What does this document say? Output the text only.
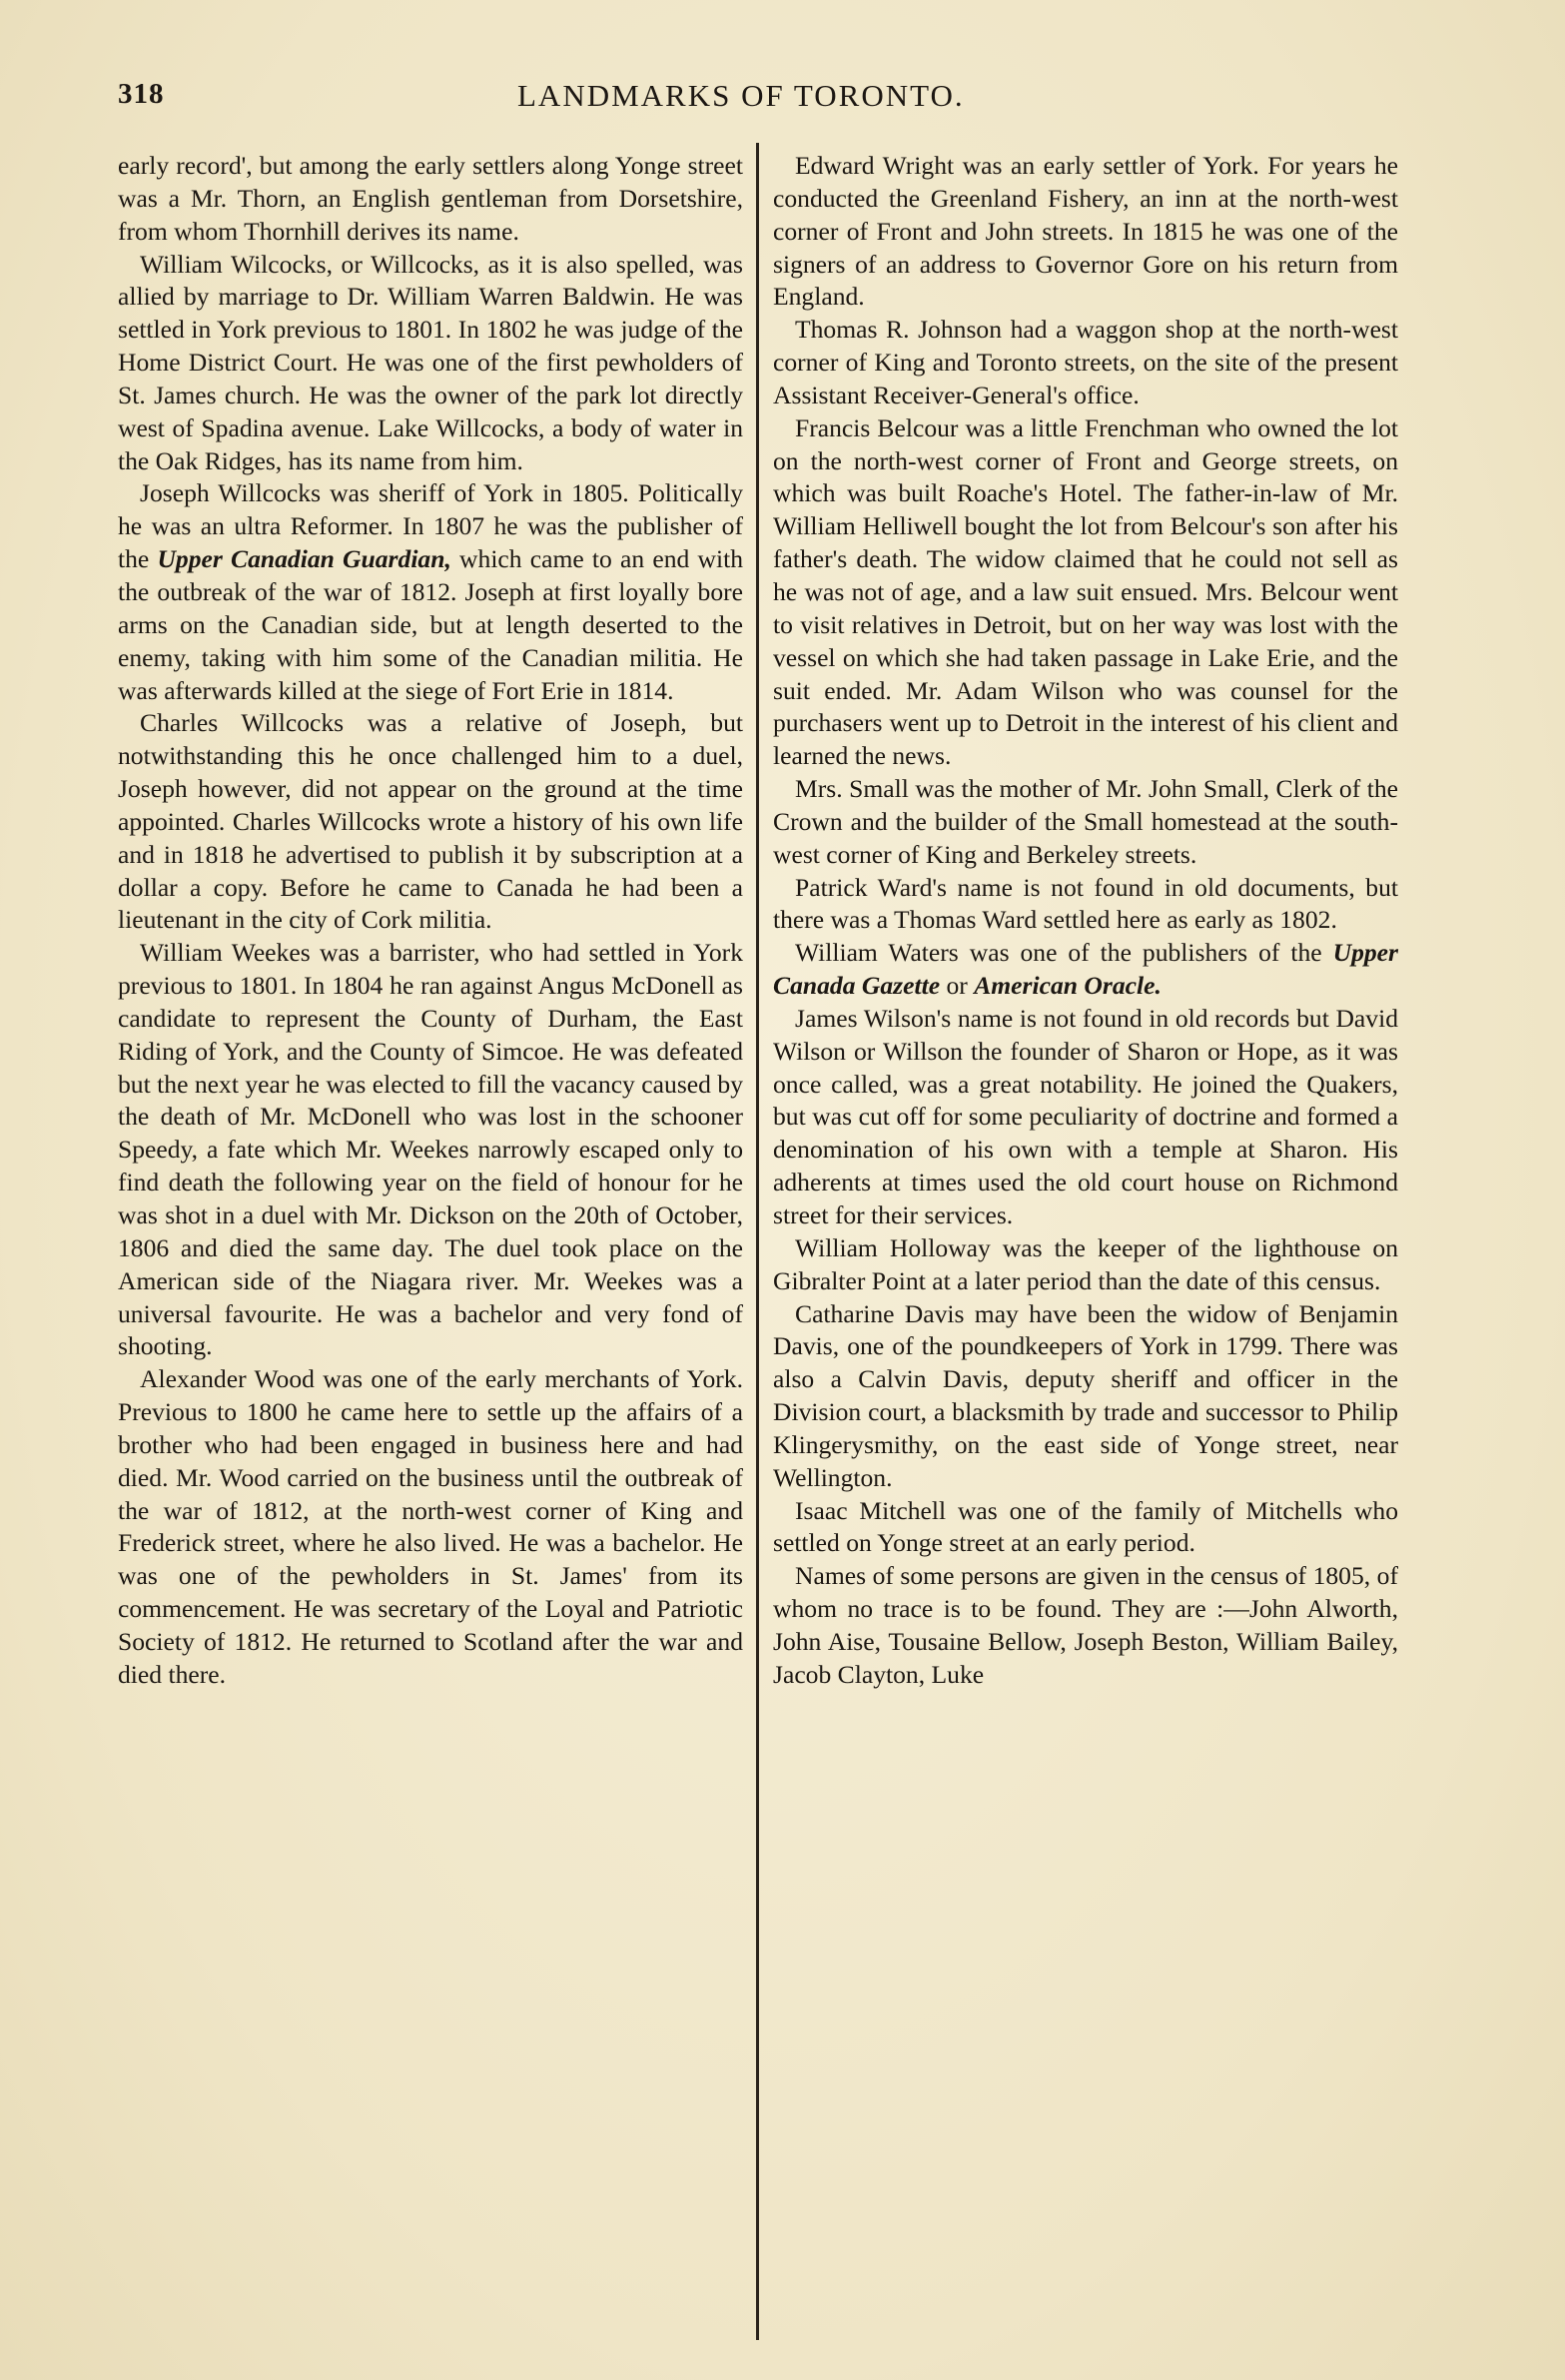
318	LANDMARKS OF TORONTO.

early record', but among the early settlers along Yonge street was a Mr. Thorn, an English gentleman from Dorsetshire, from whom Thornhill derives its name.

William Wilcocks, or Willcocks, as it is also spelled, was allied by marriage to Dr. William Warren Baldwin. He was settled in York previous to 1801. In 1802 he was judge of the Home District Court. He was one of the first pewholders of St. James church. He was the owner of the park lot directly west of Spadina avenue. Lake Willcocks, a body of water in the Oak Ridges, has its name from him.

Joseph Willcocks was sheriff of York in 1805. Politically he was an ultra Reformer. In 1807 he was the publisher of the Upper Canadian Guardian, which came to an end with the outbreak of the war of 1812. Joseph at first loyally bore arms on the Canadian side, but at length deserted to the enemy, taking with him some of the Canadian militia. He was afterwards killed at the siege of Fort Erie in 1814.

Charles Willcocks was a relative of Joseph, but notwithstanding this he once challenged him to a duel, Joseph however, did not appear on the ground at the time appointed. Charles Willcocks wrote a history of his own life and in 1818 he advertised to publish it by subscription at a dollar a copy. Before he came to Canada he had been a lieutenant in the city of Cork militia.

William Weekes was a barrister, who had settled in York previous to 1801. In 1804 he ran against Angus McDonell as candidate to represent the County of Durham, the East Riding of York, and the County of Simcoe. He was defeated but the next year he was elected to fill the vacancy caused by the death of Mr. McDonell who was lost in the schooner Speedy, a fate which Mr. Weekes narrowly escaped only to find death the following year on the field of honour for he was shot in a duel with Mr. Dickson on the 20th of October, 1806 and died the same day. The duel took place on the American side of the Niagara river. Mr. Weekes was a universal favourite. He was a bachelor and very fond of shooting.

Alexander Wood was one of the early merchants of York. Previous to 1800 he came here to settle up the affairs of a brother who had been engaged in business here and had died. Mr. Wood carried on the business until the outbreak of the war of 1812, at the north-west corner of King and Frederick street, where he also lived. He was a bachelor. He was one of the pewholders in St. James' from its commencement. He was secretary of the Loyal and Patriotic Society of 1812. He returned to Scotland after the war and died there.

Edward Wright was an early settler of York. For years he conducted the Greenland Fishery, an inn at the north-west corner of Front and John streets. In 1815 he was one of the signers of an address to Governor Gore on his return from England.

Thomas R. Johnson had a waggon shop at the north-west corner of King and Toronto streets, on the site of the present Assistant Receiver-General's office.

Francis Belcour was a little Frenchman who owned the lot on the north-west corner of Front and George streets, on which was built Roache's Hotel. The father-in-law of Mr. William Helliwell bought the lot from Belcour's son after his father's death. The widow claimed that he could not sell as he was not of age, and a law suit ensued. Mrs. Belcour went to visit relatives in Detroit, but on her way was lost with the vessel on which she had taken passage in Lake Erie, and the suit ended. Mr. Adam Wilson who was counsel for the purchasers went up to Detroit in the interest of his client and learned the news.

Mrs. Small was the mother of Mr. John Small, Clerk of the Crown and the builder of the Small homestead at the south-west corner of King and Berkeley streets.

Patrick Ward's name is not found in old documents, but there was a Thomas Ward settled here as early as 1802.

William Waters was one of the publishers of the Upper Canada Gazette or American Oracle.

James Wilson's name is not found in old records but David Wilson or Willson the founder of Sharon or Hope, as it was once called, was a great notability. He joined the Quakers, but was cut off for some peculiarity of doctrine and formed a denomination of his own with a temple at Sharon. His adherents at times used the old court house on Richmond street for their services.

William Holloway was the keeper of the lighthouse on Gibralter Point at a later period than the date of this census.

Catharine Davis may have been the widow of Benjamin Davis, one of the poundkeepers of York in 1799. There was also a Calvin Davis, deputy sheriff and officer in the Division court, a blacksmith by trade and successor to Philip Klingerysmithy, on the east side of Yonge street, near Wellington.

Isaac Mitchell was one of the family of Mitchells who settled on Yonge street at an early period.

Names of some persons are given in the census of 1805, of whom no trace is to be found. They are :—John Alworth, John Aise, Tousaine Bellow, Joseph Beston, William Bailey, Jacob Clayton, Luke
